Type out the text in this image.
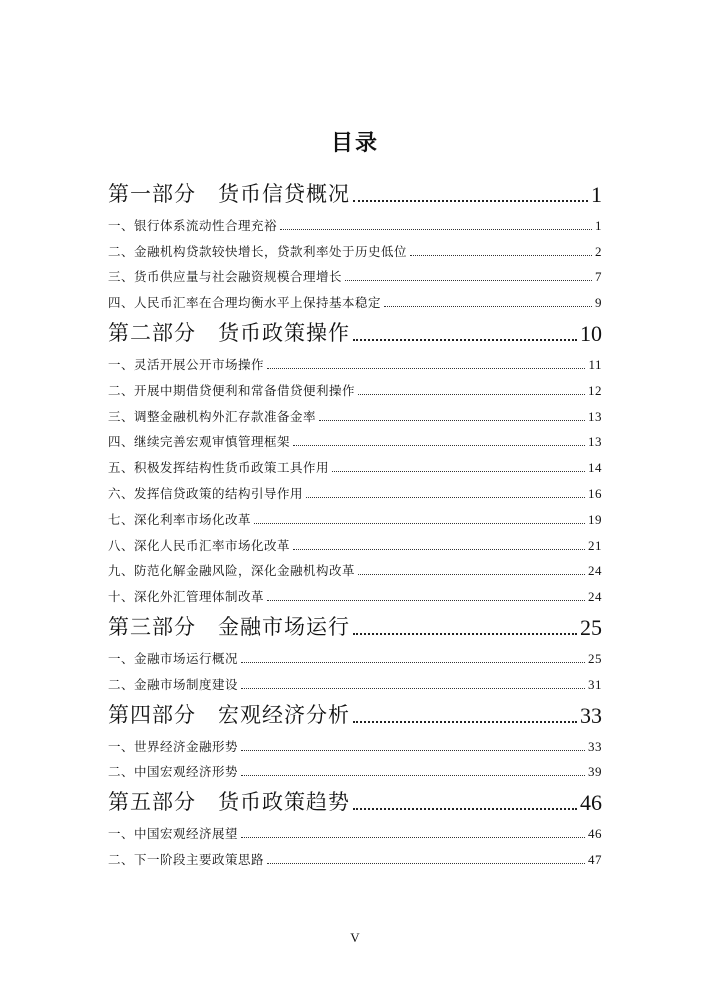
目录
第一部分　货币信贷概况	1
一、银行体系流动性合理充裕	1
二、金融机构贷款较快增长，贷款利率处于历史低位	2
三、货币供应量与社会融资规模合理增长	7
四、人民币汇率在合理均衡水平上保持基本稳定	9
第二部分　货币政策操作	10
一、灵活开展公开市场操作	11
二、开展中期借贷便利和常备借贷便利操作	12
三、调整金融机构外汇存款准备金率	13
四、继续完善宏观审慎管理框架	13
五、积极发挥结构性货币政策工具作用	14
六、发挥信贷政策的结构引导作用	16
七、深化利率市场化改革	19
八、深化人民币汇率市场化改革	21
九、防范化解金融风险，深化金融机构改革	24
十、深化外汇管理体制改革	24
第三部分　金融市场运行	25
一、金融市场运行概况	25
二、金融市场制度建设	31
第四部分　宏观经济分析	33
一、世界经济金融形势	33
二、中国宏观经济形势	39
第五部分　货币政策趋势	46
一、中国宏观经济展望	46
二、下一阶段主要政策思路	47
V
